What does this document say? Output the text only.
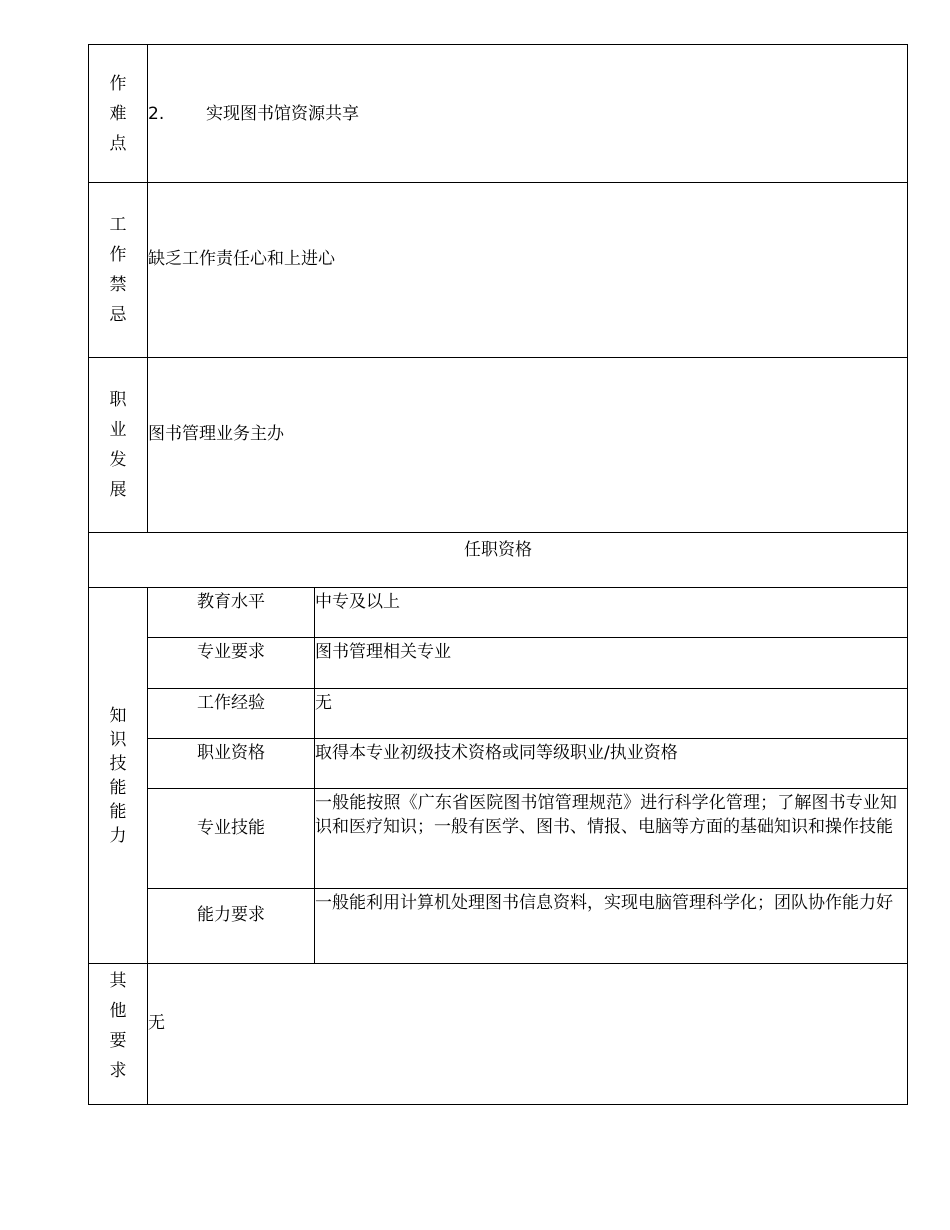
作难点	2. 实现图书馆资源共享	
工作禁忌	缺乏工作责任心和上进心	
职业发展	图书管理业务主办	
任职资格		
知识技能能力	教育水平	中专及以上
	专业要求	图书管理相关专业
	工作经验	无
	职业资格	取得本专业初级技术资格或同等级职业/执业资格
	专业技能	一般能按照《广东省医院图书馆管理规范》进行科学化管理；了解图书专业知识和医疗知识；一般有医学、图书、情报、电脑等方面的基础知识和操作技能
	能力要求	一般能利用计算机处理图书信息资料，实现电脑管理科学化；团队协作能力好
其他要求	无	
